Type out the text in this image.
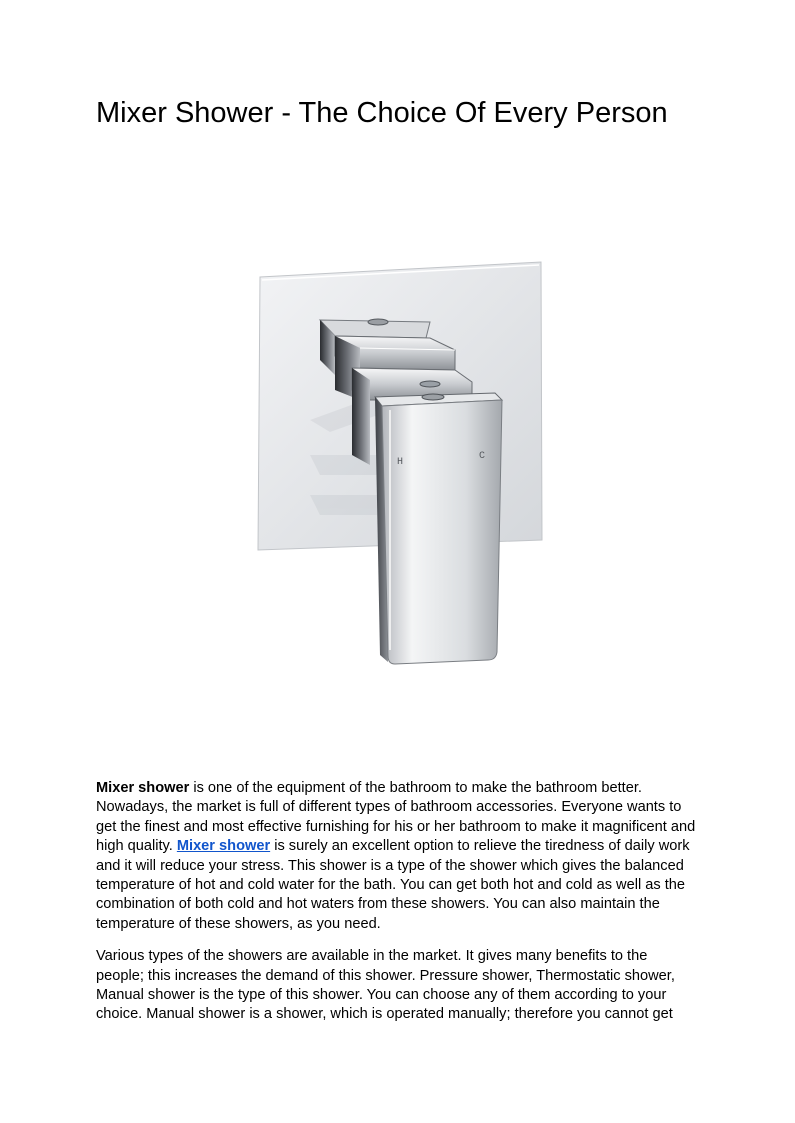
Mixer Shower - The Choice Of Every Person
H
C

Mixer shower is one of the equipment of the bathroom to make the bathroom better. Nowadays, the market is full of different types of bathroom accessories. Everyone wants to get the finest and most effective furnishing for his or her bathroom to make it magnificent and high quality. Mixer shower is surely an excellent option to relieve the tiredness of daily work and it will reduce your stress. This shower is a type of the shower which gives the balanced temperature of hot and cold water for the bath. You can get both hot and cold as well as the combination of both cold and hot waters from these showers. You can also maintain the temperature of these showers, as you need.

Various types of the showers are available in the market. It gives many benefits to the people; this increases the demand of this shower. Pressure shower, Thermostatic shower, Manual shower is the type of this shower. You can choose any of them according to your choice. Manual shower is a shower, which is operated manually; therefore you cannot get
